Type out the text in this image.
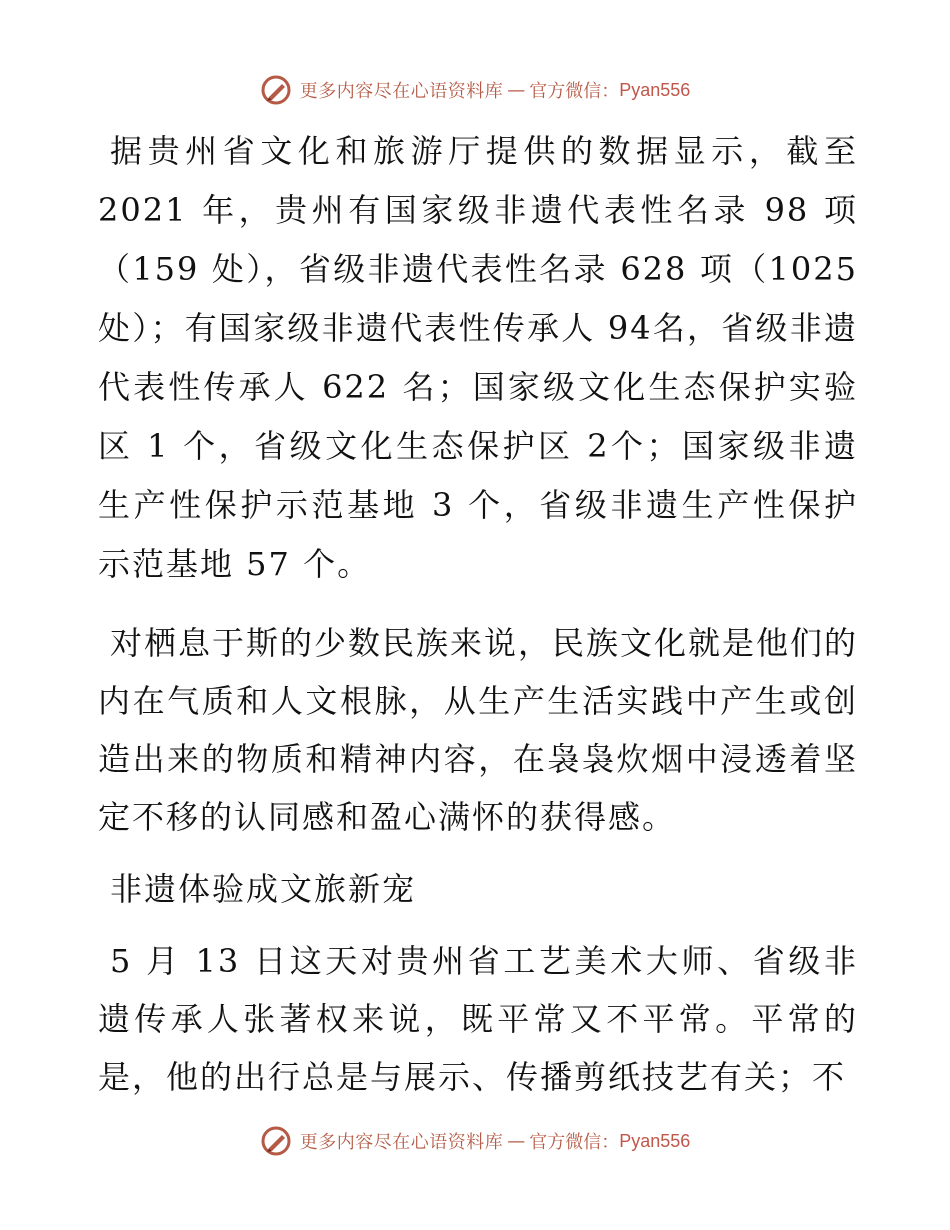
更多内容尽在心语资料库 — 官方微信： Pyan556

据贵州省文化和旅游厅提供的数据显示，截至2021 年，贵州有国家级非遗代表性名录 98 项（159 处），省级非遗代表性名录 628 项（1025 处）；有国家级非遗代表性传承人 94名，省级非遗代表性传承人 622 名；国家级文化生态保护实验区 1 个，省级文化生态保护区 2个；国家级非遗生产性保护示范基地 3 个，省级非遗生产性保护示范基地 57 个。

对栖息于斯的少数民族来说，民族文化就是他们的内在气质和人文根脉，从生产生活实践中产生或创造出来的物质和精神内容，在袅袅炊烟中浸透着坚定不移的认同感和盈心满怀的获得感。

非遗体验成文旅新宠

5 月 13 日这天对贵州省工艺美术大师、省级非遗传承人张著权来说，既平常又不平常。平常的是，他的出行总是与展示、传播剪纸技艺有关；不

更多内容尽在心语资料库 — 官方微信： Pyan556
